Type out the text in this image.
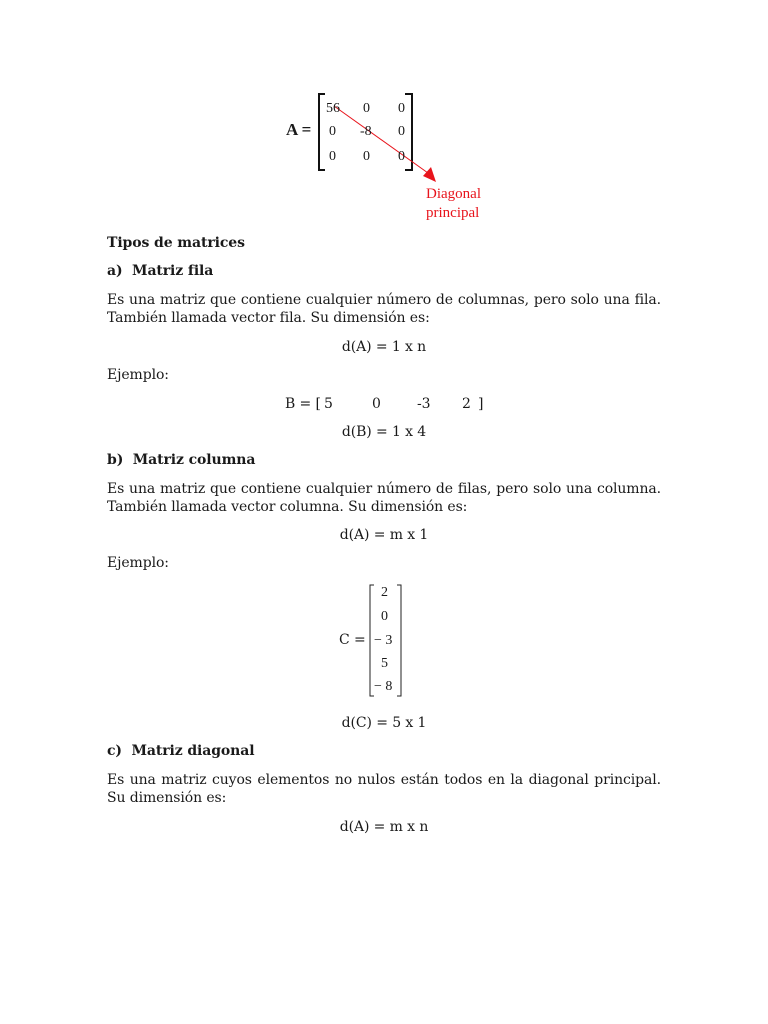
A =
56 0 0
0 -8 0
0 0 0
Diagonal
principal
Tipos de matrices
a)  Matriz fila
Es una matriz que contiene cualquier número de columnas, pero solo una fila. También llamada vector fila. Su dimensión es:
d(A) = 1 x n
Ejemplo:
B = [ 5	0	-3 2 ]
d(B) = 1 x 4
b)  Matriz columna
Es una matriz que contiene cualquier número de filas, pero solo una columna. También llamada vector columna. Su dimensión es:
d(A) = m x 1
Ejemplo:
C =
2
0
− 3
5
− 8
d(C) = 5 x 1
c)  Matriz diagonal
Es una matriz cuyos elementos no nulos están todos en la diagonal principal. Su dimensión es:
d(A) = m x n
